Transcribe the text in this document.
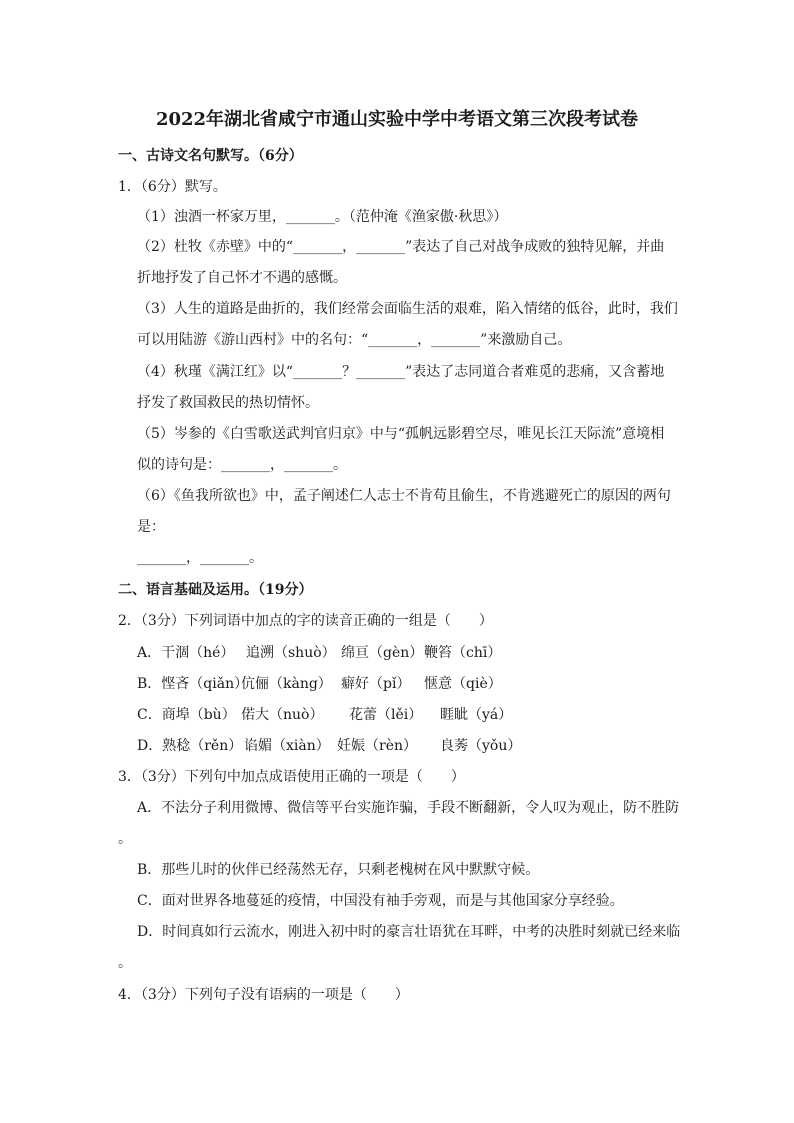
2022年湖北省咸宁市通山实验中学中考语文第三次段考试卷
一、古诗文名句默写。（6分）
1．（6分）默写。
（1）浊酒一杯家万里，_______。（范仲淹《渔家傲·秋思》）
（2）杜牧《赤壁》中的“_______，_______”表达了自己对战争成败的独特见解，并曲
折地抒发了自己怀才不遇的感慨。
（3）人生的道路是曲折的，我们经常会面临生活的艰难，陷入情绪的低谷，此时，我们
可以用陆游《游山西村》中的名句：“_______，_______”来激励自己。
（4）秋瑾《满江红》以“_______？_______”表达了志同道合者难觅的悲痛，又含蓄地
抒发了救国救民的热切情怀。
（5）岑参的《白雪歌送武判官归京》中与“孤帆远影碧空尽，唯见长江天际流”意境相
似的诗句是：_______，_______。
（6）《鱼我所欲也》中，孟子阐述仁人志士不肯苟且偷生，不肯逃避死亡的原因的两句
是：
_______，_______。
二、语言基础及运用。（19分）
2．（3分）下列词语中加点的字的读音正确的一组是（　　）
A．干涸（hé） 追溯（shuò） 绵亘（gèn） 鞭笞（chī）
B．悭吝（qiǎn）
伉俪（kàng） 癖好（pǐ） 惬意（qiè）
C．商埠（bù） 偌大（nuò） 花蕾（lěi） 睚眦（yá）
D．熟稔（rěn） 谄媚（xiàn） 妊娠（rèn） 良莠（yǒu）
3．（3分）下列句中加点成语使用正确的一项是（　　）
A．不法分子利用微博、微信等平台实施诈骗，手段不断翻新，令人叹为观止，防不胜防
。
B．那些儿时的伙伴已经荡然无存，只剩老槐树在风中默默守候。
C．面对世界各地蔓延的疫情，中国没有袖手旁观，而是与其他国家分享经验。
D．时间真如行云流水，刚进入初中时的豪言壮语犹在耳畔，中考的决胜时刻就已经来临
。
4．（3分）下列句子没有语病的一项是（　　）
